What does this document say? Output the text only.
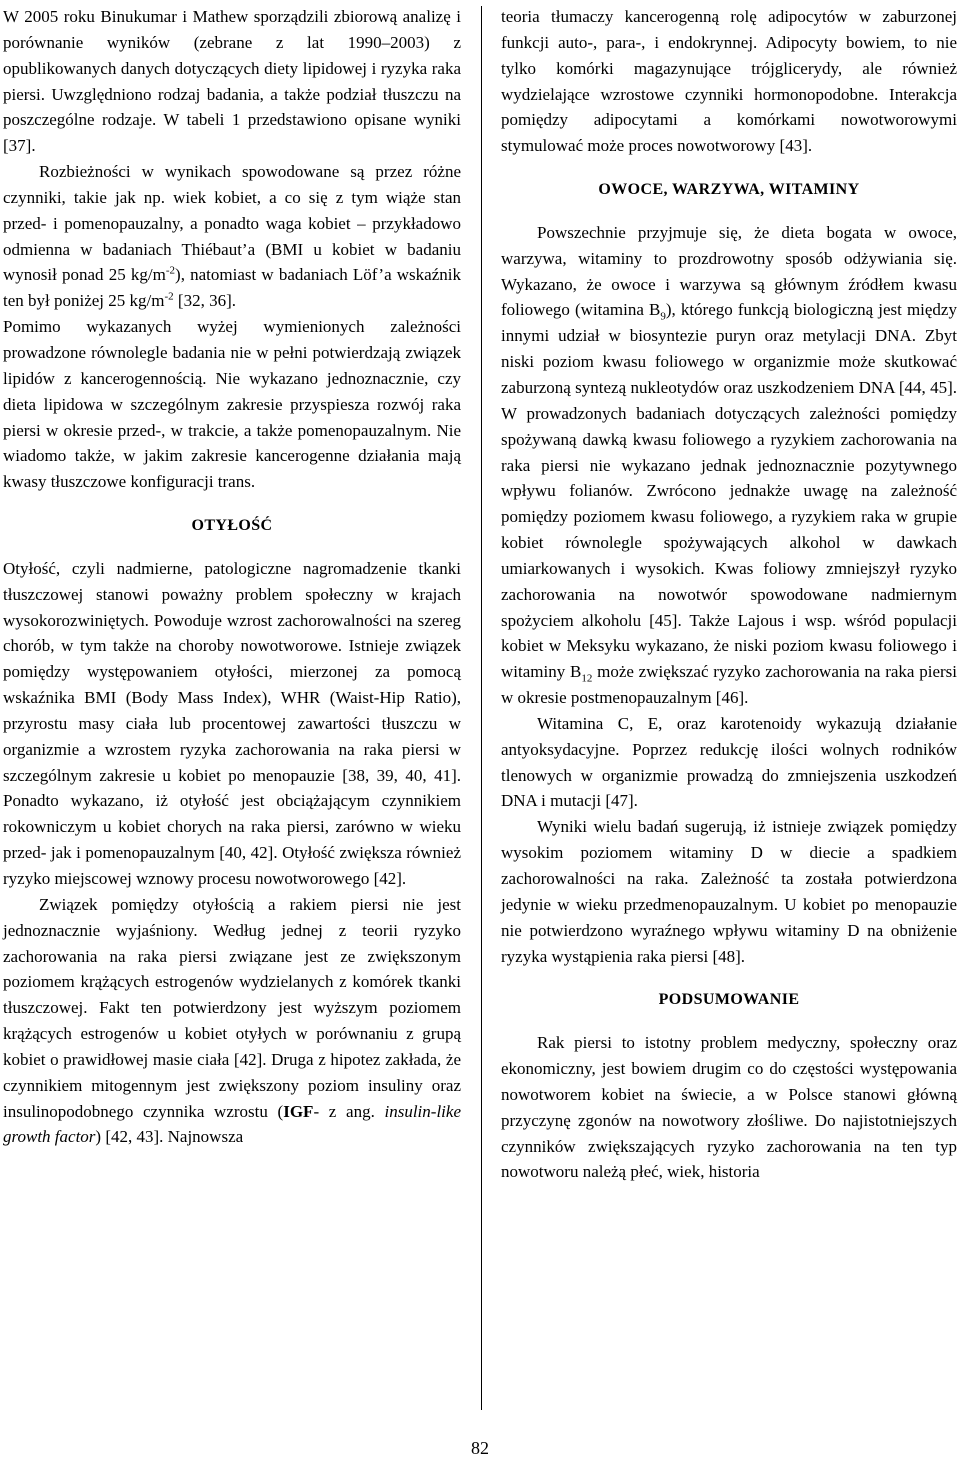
W 2005 roku Binukumar i Mathew sporządzili zbiorową analizę i porównanie wyników (zebrane z lat 1990–2003) z opublikowanych danych dotyczących diety lipidowej i ryzyka raka piersi. Uwzględniono rodzaj badania, a także podział tłuszczu na poszczególne rodzaje. W tabeli 1 przedstawiono opisane wyniki [37].

Rozbieżności w wynikach spowodowane są przez różne czynniki, takie jak np. wiek kobiet, a co się z tym wiąże stan przed- i pomenopauzalny, a ponadto waga kobiet – przykładowo odmienna w badaniach Thiébaut’a (BMI u kobiet w badaniu wynosił ponad 25 $kg/m^{-2}$), natomiast w badaniach Löf’a wskaźnik ten był poniżej 25 $kg/m^{-2}$ [32, 36].

Pomimo wykazanych wyżej wymienionych zależności prowadzone równolegle badania nie w pełni potwierdzają związek lipidów z kancerogennością. Nie wykazano jednoznacznie, czy dieta lipidowa w szczególnym zakresie przyspiesza rozwój raka piersi w okresie przed-, w trakcie, a także pomenopauzalnym. Nie wiadomo także, w jakim zakresie kancerogenne działania mają kwasy tłuszczowe konfiguracji trans.

OTYŁOŚĆ

Otyłość, czyli nadmierne, patologiczne nagromadzenie tkanki tłuszczowej stanowi poważny problem społeczny w krajach wysokorozwiniętych. Powoduje wzrost zachorowalności na szereg chorób, w tym także na choroby nowotworowe. Istnieje związek pomiędzy występowaniem otyłości, mierzonej za pomocą wskaźnika BMI (Body Mass Index), WHR (Waist-Hip Ratio), przyrostu masy ciała lub procentowej zawartości tłuszczu w organizmie a wzrostem ryzyka zachorowania na raka piersi w szczególnym zakresie u kobiet po menopauzie [38, 39, 40, 41]. Ponadto wykazano, iż otyłość jest obciążającym czynnikiem rokowniczym u kobiet chorych na raka piersi, zarówno w wieku przed- jak i pomenopauzalnym [40, 42]. Otyłość zwiększa również ryzyko miejscowej wznowy procesu nowotworowego [42].

Związek pomiędzy otyłością a rakiem piersi nie jest jednoznacznie wyjaśniony. Według jednej z teorii ryzyko zachorowania na raka piersi związane jest ze zwiększonym poziomem krążących estrogenów wydzielanych z komórek tkanki tłuszczowej. Fakt ten potwierdzony jest wyższym poziomem krążących estrogenów u kobiet otyłych w porównaniu z grupą kobiet o prawidłowej masie ciała [42]. Druga z hipotez zakłada, że czynnikiem mitogennym jest zwiększony poziom insuliny oraz insulinopodobnego czynnika wzrostu (IGF- z ang. insulin-like growth factor) [42, 43]. Najnowsza

teoria tłumaczy kancerogenną rolę adipocytów w zaburzonej funkcji auto-, para-, i endokrynnej. Adipocyty bowiem, to nie tylko komórki magazynujące trójglicerydy, ale również wydzielające wzrostowe czynniki hormonopodobne. Interakcja pomiędzy adipocytami a komórkami nowotworowymi stymulować może proces nowotworowy [43].

OWOCE, WARZYWA, WITAMINY

Powszechnie przyjmuje się, że dieta bogata w owoce, warzywa, witaminy to prozdrowotny sposób odżywiania się. Wykazano, że owoce i warzywa są głównym źródłem kwasu foliowego (witamina $B_9$), którego funkcją biologiczną jest między innymi udział w biosyntezie puryn oraz metylacji DNA. Zbyt niski poziom kwasu foliowego w organizmie może skutkować zaburzoną syntezą nukleotydów oraz uszkodzeniem DNA [44, 45]. W prowadzonych badaniach dotyczących zależności pomiędzy spożywaną dawką kwasu foliowego a ryzykiem zachorowania na raka piersi nie wykazano jednak jednoznacznie pozytywnego wpływu folianów. Zwrócono jednakże uwagę na zależność pomiędzy poziomem kwasu foliowego, a ryzykiem raka w grupie kobiet równolegle spożywających alkohol w dawkach umiarkowanych i wysokich. Kwas foliowy zmniejszył ryzyko zachorowania na nowotwór spowodowane nadmiernym spożyciem alkoholu [45]. Także Lajous i wsp. wśród populacji kobiet w Meksyku wykazano, że niski poziom kwasu foliowego i witaminy $B_{12}$ może zwiększać ryzyko zachorowania na raka piersi w okresie postmenopauzalnym [46].

Witamina C, E, oraz karotenoidy wykazują działanie antyoksydacyjne. Poprzez redukcję ilości wolnych rodników tlenowych w organizmie prowadzą do zmniejszenia uszkodzeń DNA i mutacji [47].

Wyniki wielu badań sugerują, iż istnieje związek pomiędzy wysokim poziomem witaminy D w diecie a spadkiem zachorowalności na raka. Zależność ta została potwierdzona jedynie w wieku przedmenopauzalnym. U kobiet po menopauzie nie potwierdzono wyraźnego wpływu witaminy D na obniżenie ryzyka wystąpienia raka piersi [48].

PODSUMOWANIE

Rak piersi to istotny problem medyczny, społeczny oraz ekonomiczny, jest bowiem drugim co do częstości występowania nowotworem kobiet na świecie, a w Polsce stanowi główną przyczynę zgonów na nowotwory złośliwe. Do najistotniejszych czynników zwiększających ryzyko zachorowania na ten typ nowotworu należą płeć, wiek, historia

82
